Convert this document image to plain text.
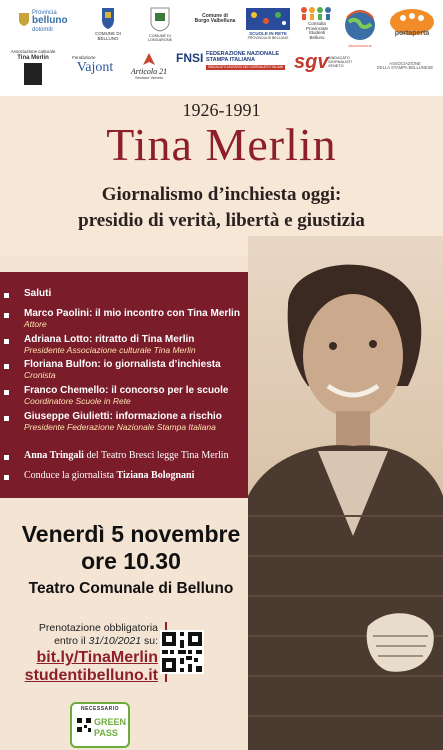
Provincia
belluno
dolomiti
COMUNE DI BELLUNO	COMUNE DI LONGARONE
Comune di
Borgo Valbelluna
SCUOLE IN RETE
PROVINCIA DI BELLUNO
Consulta
Provinciale
Studenti
Belluno
Associazione
portaperta
Associazione culturale
Tina Merlin	Fondazione
Vajont	Articolo 21
Sezione Veneto
FNSI FEDERAZIONE NAZIONALE
STAMPA ITALIANA
SINDACATO UNITARIO DEI GIORNALISTI ITALIANI sgv SINDACATO
GIORNALISTI
VENETO	ASSOCIAZIONE
DELLA STAMPA BELLUNESE
1926-1991
Tina Merlin
Giornalismo d’inchiesta oggi:
presidio di verità, libertà e giustizia
Saluti
Marco Paolini: il mio incontro con Tina Merlin
Attore
Adriana Lotto: ritratto di Tina Merlin
Presidente Associazione culturale Tina Merlin
Floriana Bulfon: io giornalista d’inchiesta
Cronista
Franco Chemello: il concorso per le scuole
Coordinatore Scuole in Rete
Giuseppe Giulietti: informazione a rischio
Presidente Federazione Nazionale Stampa Italiana
Anna Tringali del Teatro Bresci legge Tina Merlin
Conduce la giornalista Tiziana Bolognani
Venerdì 5 novembre
ore 10.30
Teatro Comunale di Belluno
Prenotazione obbligatoria
entro il 31/10/2021 su:
bit.ly/TinaMerlin
studentibelluno.it
NECESSARIO
GREEN
PASS
